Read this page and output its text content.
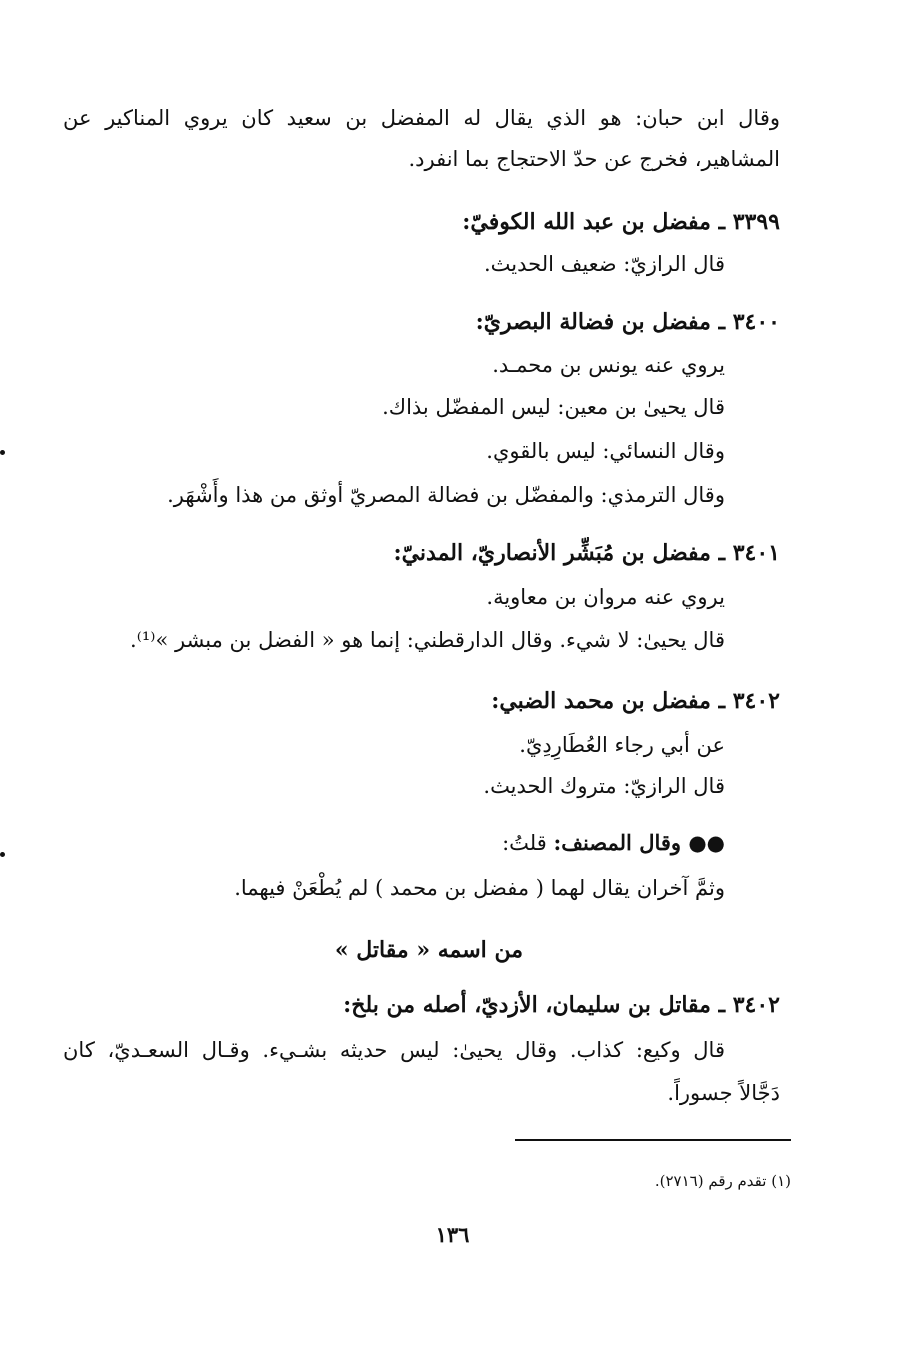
وقال ابن حبان: هو الذي يقال له المفضل بن سعيد كان يروي المناكير عن
المشاهير، فخرج عن حدّ الاحتجاج بما انفرد.
٣٣٩٩ ـ مفضل بن عبد الله الكوفيّ:
قال الرازيّ: ضعيف الحديث.
٣٤٠٠ ـ مفضل بن فضالة البصريّ:
يروي عنه يونس بن محمـد.
قال يحيىٰ بن معين: ليس المفضّل بذاك.
وقال النسائي: ليس بالقوي.
وقال الترمذي: والمفضّل بن فضالة المصريّ أوثق من هذا وأَشْهَر.
٣٤٠١ ـ مفضل بن مُبَشِّر الأنصاريّ، المدنيّ:
يروي عنه مروان بن معاوية.
قال يحيىٰ: لا شيء. وقال الدارقطني: إنما هو « الفضل بن مبشر »⁽¹⁾.
٣٤٠٢ ـ مفضل بن محمد الضبي:
عن أبي رجاء العُطَارِدِيّ.
قال الرازيّ: متروك الحديث.
●● وقال المصنف: قلتُ:
وثمَّ آخران يقال لهما ( مفضل بن محمد ) لم يُطْعَنْ فيهما.
من اسمه « مقاتل »
٣٤٠٢ ـ مقاتل بن سليمان، الأزديّ، أصله من بلخ:
قال وكيع: كذاب. وقال يحيىٰ: ليس حديثه بشـيء. وقـال السعـديّ، كان
دَجَّالاً جسوراً.
(١) تقدم رقم (٢٧١٦).
١٣٦
